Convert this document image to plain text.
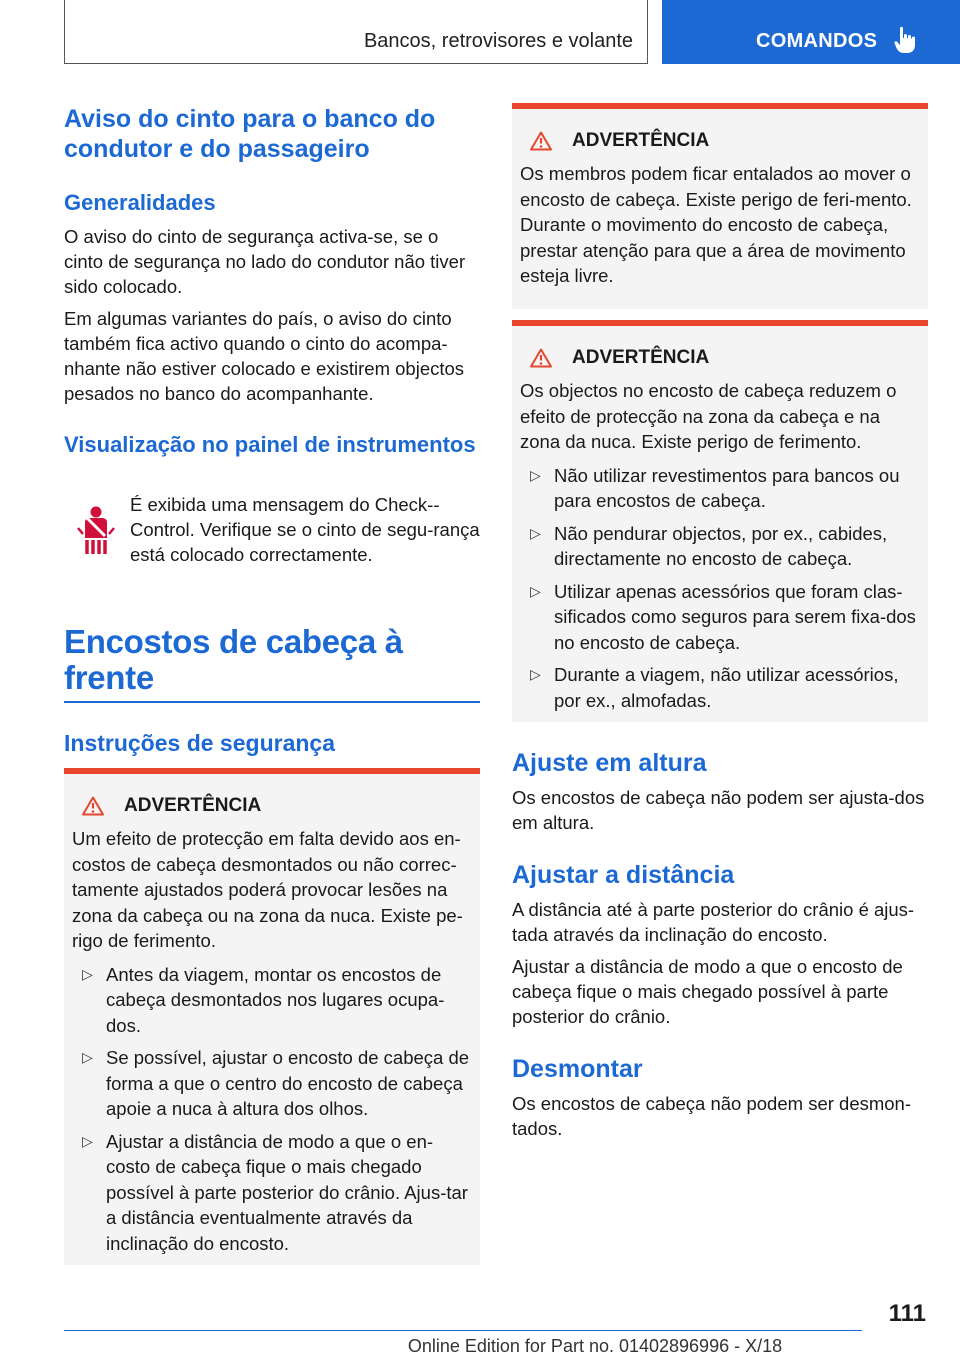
Bancos, retrovisores e volante	COMANDOS
Aviso do cinto para o banco do condutor e do passageiro
Generalidades

O aviso do cinto de segurança activa-se, se o cinto de segurança no lado do condutor não tiver sido colocado.

Em algumas variantes do país, o aviso do cinto também fica activo quando o cinto do acompa-nhante não estiver colocado e existirem objectos pesados no banco do acompanhante.

Visualização no painel de instrumentos

É exibida uma mensagem do Check--Control. Verifique se o cinto de segu-rança está colocado correctamente.

Encostos de cabeça à frente
Instruções de segurança
ADVERTÊNCIA
Um efeito de protecção em falta devido aos en-costos de cabeça desmontados ou não correc-tamente ajustados poderá provocar lesões na zona da cabeça ou na zona da nuca. Existe pe-rigo de ferimento.
▷ Antes da viagem, montar os encostos de cabeça desmontados nos lugares ocupa-dos.
▷ Se possível, ajustar o encosto de cabeça de forma a que o centro do encosto de cabeça apoie a nuca à altura dos olhos.
▷ Ajustar a distância de modo a que o en-costo de cabeça fique o mais chegado possível à parte posterior do crânio. Ajus-tar a distância eventualmente através da inclinação do encosto.
ADVERTÊNCIA
Os membros podem ficar entalados ao mover o encosto de cabeça. Existe perigo de feri-mento. Durante o movimento do encosto de cabeça, prestar atenção para que a área de movimento esteja livre.
ADVERTÊNCIA
Os objectos no encosto de cabeça reduzem o efeito de protecção na zona da cabeça e na zona da nuca. Existe perigo de ferimento.
▷ Não utilizar revestimentos para bancos ou para encostos de cabeça.
▷ Não pendurar objectos, por ex., cabides, directamente no encosto de cabeça.
▷ Utilizar apenas acessórios que foram clas-sificados como seguros para serem fixa-dos no encosto de cabeça.
▷ Durante a viagem, não utilizar acessórios, por ex., almofadas.
Ajuste em altura

Os encostos de cabeça não podem ser ajusta-dos em altura.

Ajustar a distância

A distância até à parte posterior do crânio é ajus-tada através da inclinação do encosto.

Ajustar a distância de modo a que o encosto de cabeça fique o mais chegado possível à parte posterior do crânio.

Desmontar

Os encostos de cabeça não podem ser desmon-tados.

111
Online Edition for Part no. 01402896996 - X/18
